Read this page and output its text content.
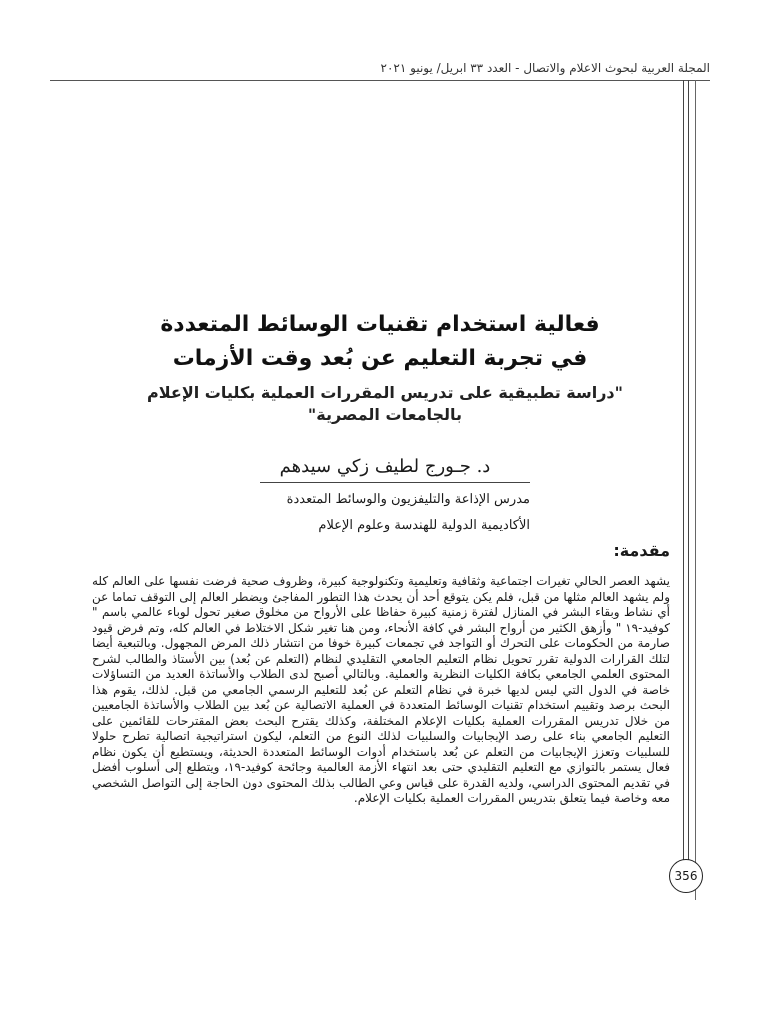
المجلة العربية لبحوث الاعلام والاتصال - العدد ٣٣ ابريل/ يونيو ٢٠٢١
فعالية استخدام تقنيات الوسائط المتعددة
في تجربة التعليم عن بُعد وقت الأزمات
"دراسة تطبيقية على تدريس المقررات العملية بكليات الإعلام
بالجامعات المصرية"
د. جـورج لطيف زكي سيدهم
مدرس الإذاعة والتليفزيون والوسائط المتعددة
الأكاديمية الدولية للهندسة وعلوم الإعلام
مقدمة:
يشهد العصر الحالي تغيرات اجتماعية وثقافية وتعليمية وتكنولوجية كبيرة، وظروف صحية فرضت نفسها على العالم كله ولم يشهد العالم مثلها من قبل، فلم يكن يتوقع أحد أن يحدث هذا التطور المفاجئ ويضطر العالم إلى التوقف تماما عن أي نشاط وبقاء البشر في المنازل لفترة زمنية كبيرة حفاظا على الأرواح من مخلوق صغير تحول لوباء عالمي باسم " كوفيد-١٩ " وأزهق الكثير من أرواح البشر في كافة الأنحاء، ومن هنا تغير شكل الاختلاط في العالم كله، وتم فرض قيود صارمة من الحكومات على التحرك أو التواجد في تجمعات كبيرة خوفا من انتشار ذلك المرض المجهول. وبالتبعية أيضا لتلك القرارات الدولية تقرر تحويل نظام التعليم الجامعي التقليدي لنظام (التعلم عن بُعد) بين الأستاذ والطالب لشرح المحتوى العلمي الجامعي بكافة الكليات النظرية والعملية. وبالتالي أصبح لدى الطلاب والأساتذة العديد من التساؤلات خاصة في الدول التي ليس لديها خبرة في نظام التعلم عن بُعد للتعليم الرسمي الجامعي من قبل. لذلك، يقوم هذا البحث برصد وتقييم استخدام تقنيات الوسائط المتعددة في العملية الاتصالية عن بُعد بين الطلاب والأساتذة الجامعيين من خلال تدريس المقررات العملية بكليات الإعلام المختلفة، وكذلك يقترح البحث بعض المقترحات للقائمين على التعليم الجامعي بناء على رصد الإيجابيات والسلبيات لذلك النوع من التعلم، ليكون استراتيجية اتصالية تطرح حلولا للسلبيات وتعزز الإيجابيات من التعلم عن بُعد باستخدام أدوات الوسائط المتعددة الحديثة، ويستطيع أن يكون نظام فعال يستمر بالتوازي مع التعليم التقليدي حتى بعد انتهاء الأزمة العالمية وجائحة كوفيد-١٩، ويتطلع إلى أسلوب أفضل في تقديم المحتوى الدراسي، ولديه القدرة على قياس وعي الطالب بذلك المحتوى دون الحاجة إلى التواصل الشخصي معه وخاصة فيما يتعلق بتدريس المقررات العملية بكليات الإعلام.
356
